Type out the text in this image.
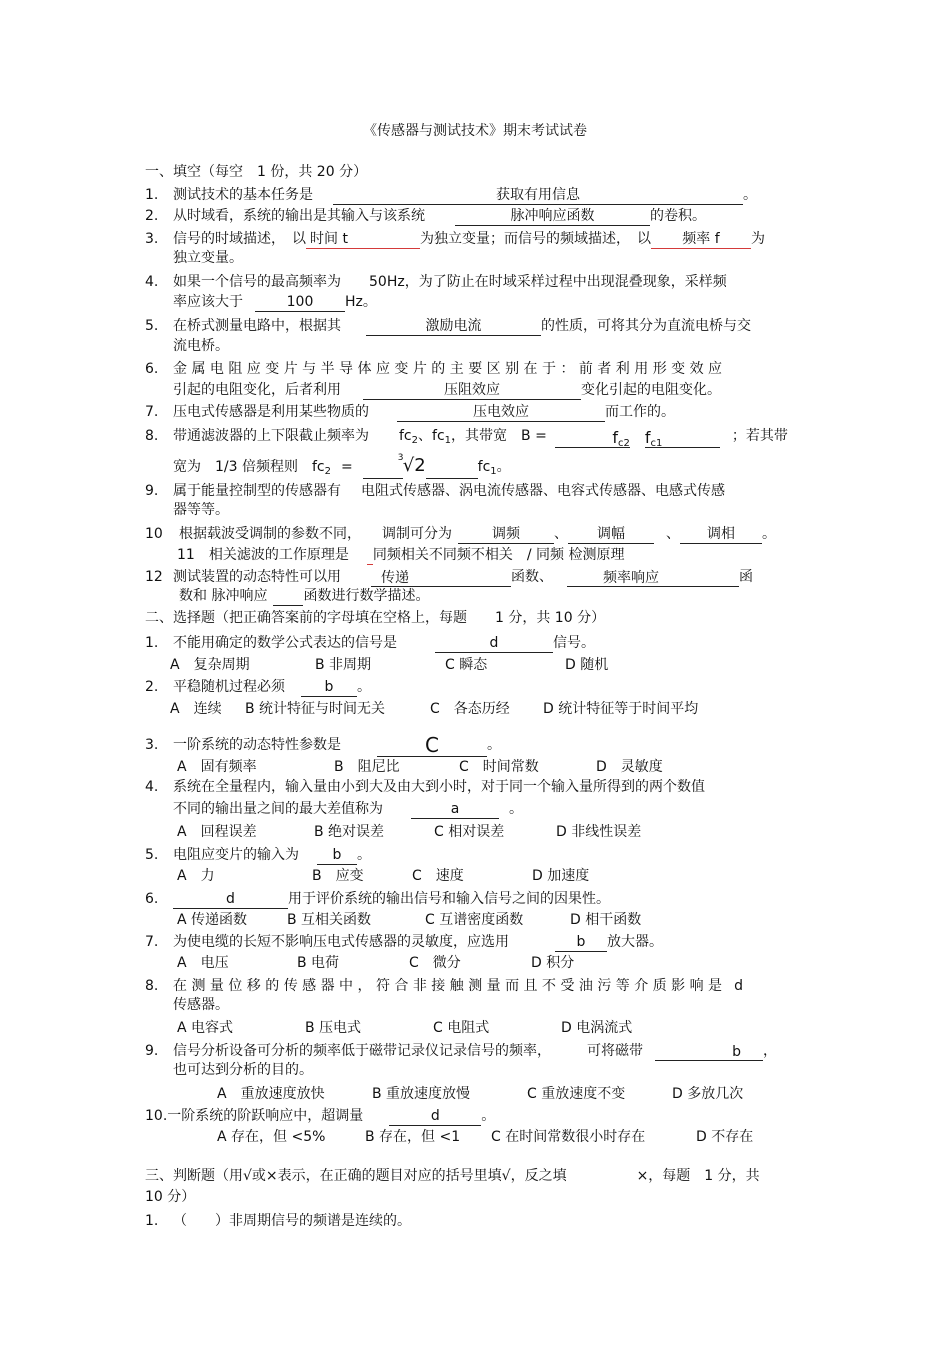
《传感器与测试技术》期末考试试卷
一、填空（每空　1 份，共 20 分）
1. 测试技术的基本任务是	获取有用信息	。
2. 从时域看，系统的输出是其输入与该系统	脉冲响应函数	的卷积。
3. 信号的时域描述，　以 时间 t	为独立变量；而信号的频域描述，　以 频率 f 为
独立变量。
4. 如果一个信号的最高频率为　　50Hz，为了防止在时域采样过程中出现混叠现象，采样频
率应该大于	100 Hz。
5. 在桥式测量电路中，根据其	激励电流	的性质，可将其分为直流电桥与交
流电桥。
6. 金 属 电 阻 应 变 片 与 半 导 体 应 变 片 的 主 要 区 别 在 于 ： 前 者 利 用 形 变 效 应
引起的电阻变化，后者利用	压阻效应	变化引起的电阻变化。
7. 压电式传感器是利用某些物质的	压电效应	而工作的。
8. 带通滤波器的上下限截止频率为 $fc_2$、$fc_1$，其带宽　B =	$f_{c2}$ $f_{c1}$	；若其带
宽为　1/3 倍频程则　$fc_2$ =
3 √2	$fc_1$。
9. 属于能量控制型的传感器有 电阻式传感器、涡电流传感器、电容式传感器、电感式传感
器等等。
10 根据载波受调制的参数不同，　　调制可分为	调频 、 调幅	、 调相 。
11 相关滤波的工作原理是 同频相关不同频不相关　/ 同频 检测原理
12 测试装置的动态特性可以用	传递	函数、	频率响应	函
数和 脉冲响应	函数进行数学描述。
二、选择题（把正确答案前的字母填在空格上，每题　　1 分，共 10 分）
1. 不能用确定的数学公式表达的信号是	d	信号。
A　复杂周期	B 非周期	C 瞬态	D 随机
2. 平稳随机过程必须	b 。
A　连续 B 统计特征与时间无关	C　各态历经 D 统计特征等于时间平均
3. 一阶系统的动态特性参数是	C	。
A　固有频率	B　阻尼比	C　时间常数	D　灵敏度
4. 系统在全量程内，输入量由小到大及由大到小时，对于同一个输入量所得到的两个数值
不同的输出量之间的最大差值称为	a	。
A　回程误差	B 绝对误差	C 相对误差	D 非线性误差
5. 电阻应变片的输入为 b 。
A　力	B　应变	C　速度	D 加速度
6.	d	用于评价系统的输出信号和输入信号之间的因果性。
A 传递函数	B 互相关函数	C 互谱密度函数	D 相干函数
7. 为使电缆的长短不影响压电式传感器的灵敏度，应选用	b 放大器。
A　电压	B 电荷	C　微分	D 积分
8. 在 测 量 位 移 的 传 感 器 中 ， 符 合 非 接 触 测 量 而 且 不 受 油 污 等 介 质 影 响 是 d
传感器。
A 电容式	B 压电式	C 电阻式	D 电涡流式
9. 信号分析设备可分析的频率低于磁带记录仪记录信号的频率，	可将磁带	b ，
也可达到分析的目的。
A　重放速度放快	B 重放速度放慢	C 重放速度不变	D 多放几次
10.一阶系统的阶跃响应中，超调量	d	。
A 存在，但 <5%	B 存在，但 <1 C 在时间常数很小时存在	D 不存在
三、判断题（用√或×表示，在正确的题目对应的括号里填√，反之填	×，每题　1 分，共
10 分）
1. （　　）非周期信号的频谱是连续的。
